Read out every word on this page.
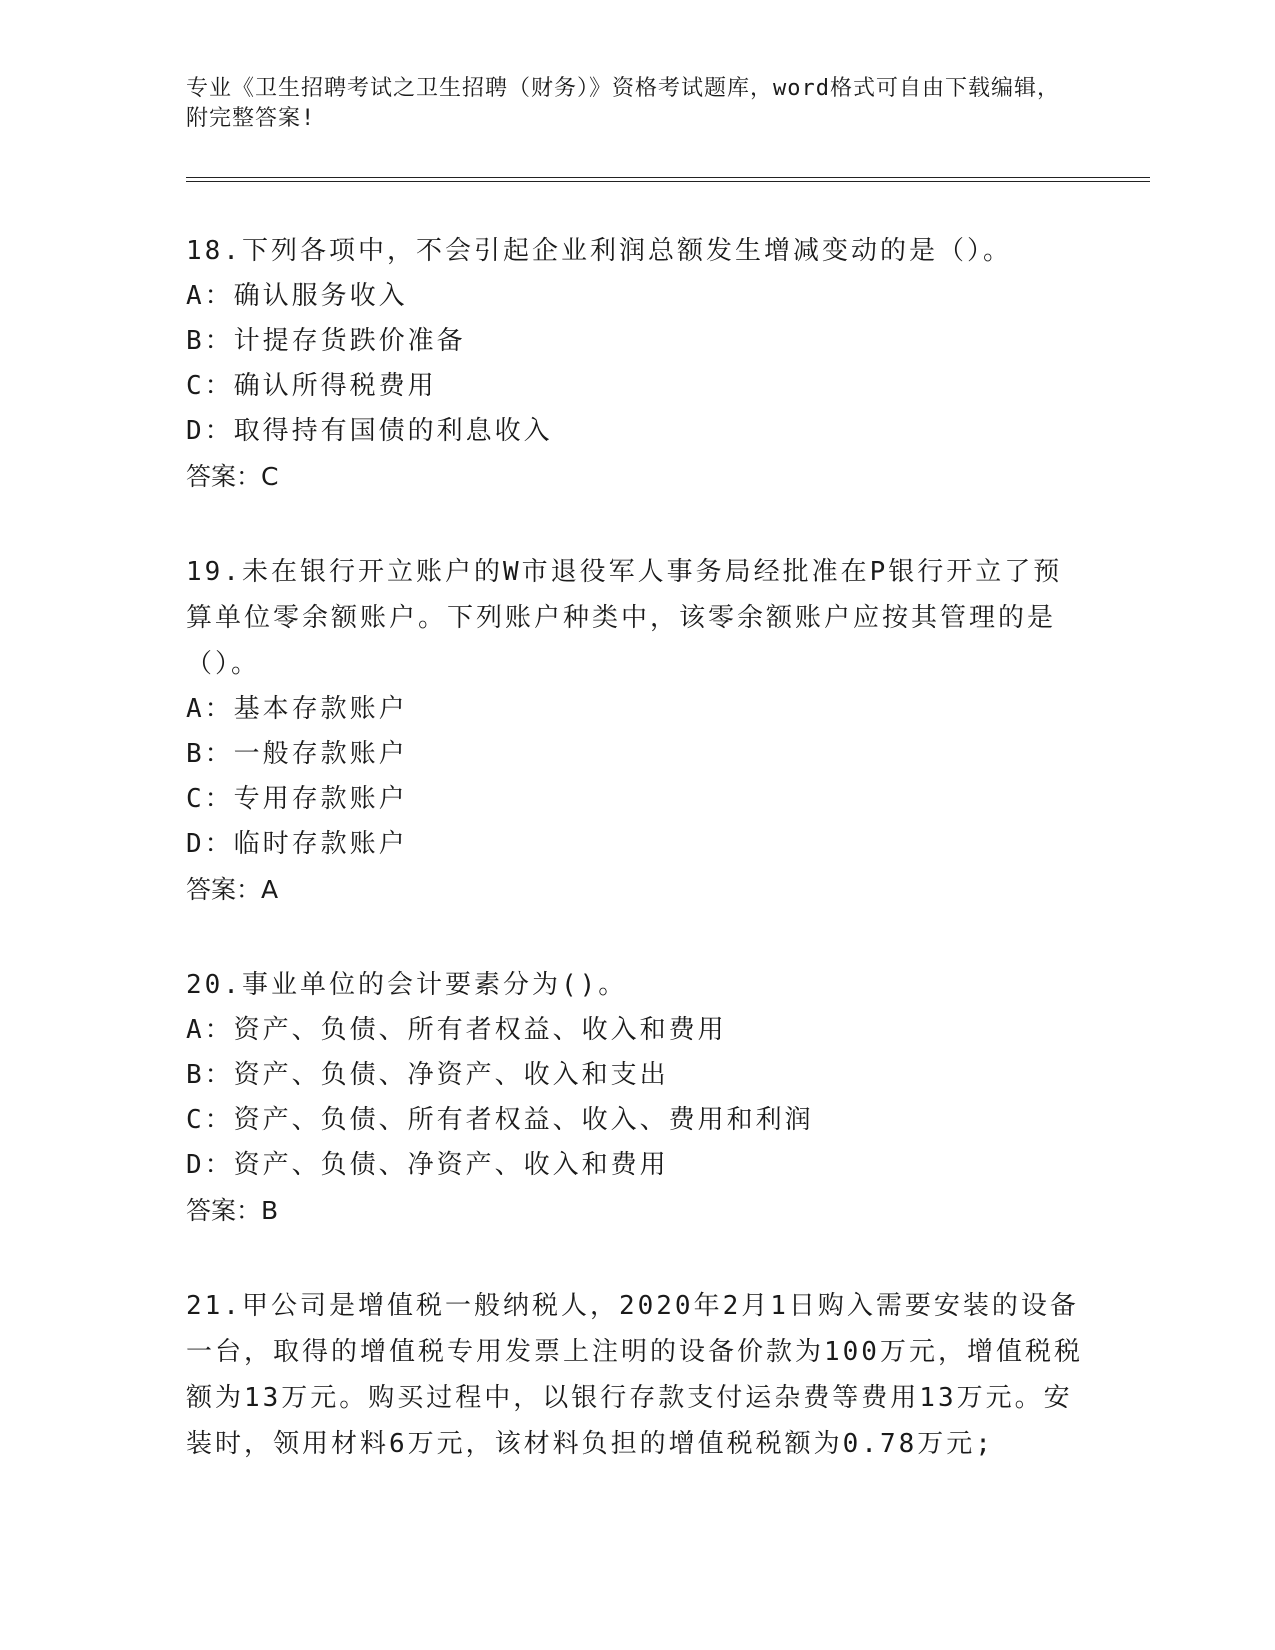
专业《卫生招聘考试之卫生招聘（财务）》资格考试题库，word格式可自由下载编辑，附完整答案!

18.下列各项中，不会引起企业利润总额发生增减变动的是（）。

A：确认服务收入
B：计提存货跌价准备
C：确认所得税费用
D：取得持有国债的利息收入
答案：C

19.未在银行开立账户的W市退役军人事务局经批准在P银行开立了预算单位零余额账户。下列账户种类中，该零余额账户应按其管理的是（）。

A：基本存款账户
B：一般存款账户
C：专用存款账户
D：临时存款账户
答案：A

20.事业单位的会计要素分为()。

A：资产、负债、所有者权益、收入和费用
B：资产、负债、净资产、收入和支出
C：资产、负债、所有者权益、收入、费用和利润
D：资产、负债、净资产、收入和费用
答案：B

21.甲公司是增值税一般纳税人，2020年2月1日购入需要安装的设备一台，取得的增值税专用发票上注明的设备价款为100万元，增值税税额为13万元。购买过程中，以银行存款支付运杂费等费用13万元。安装时，领用材料6万元，该材料负担的增值税税额为0.78万元;
